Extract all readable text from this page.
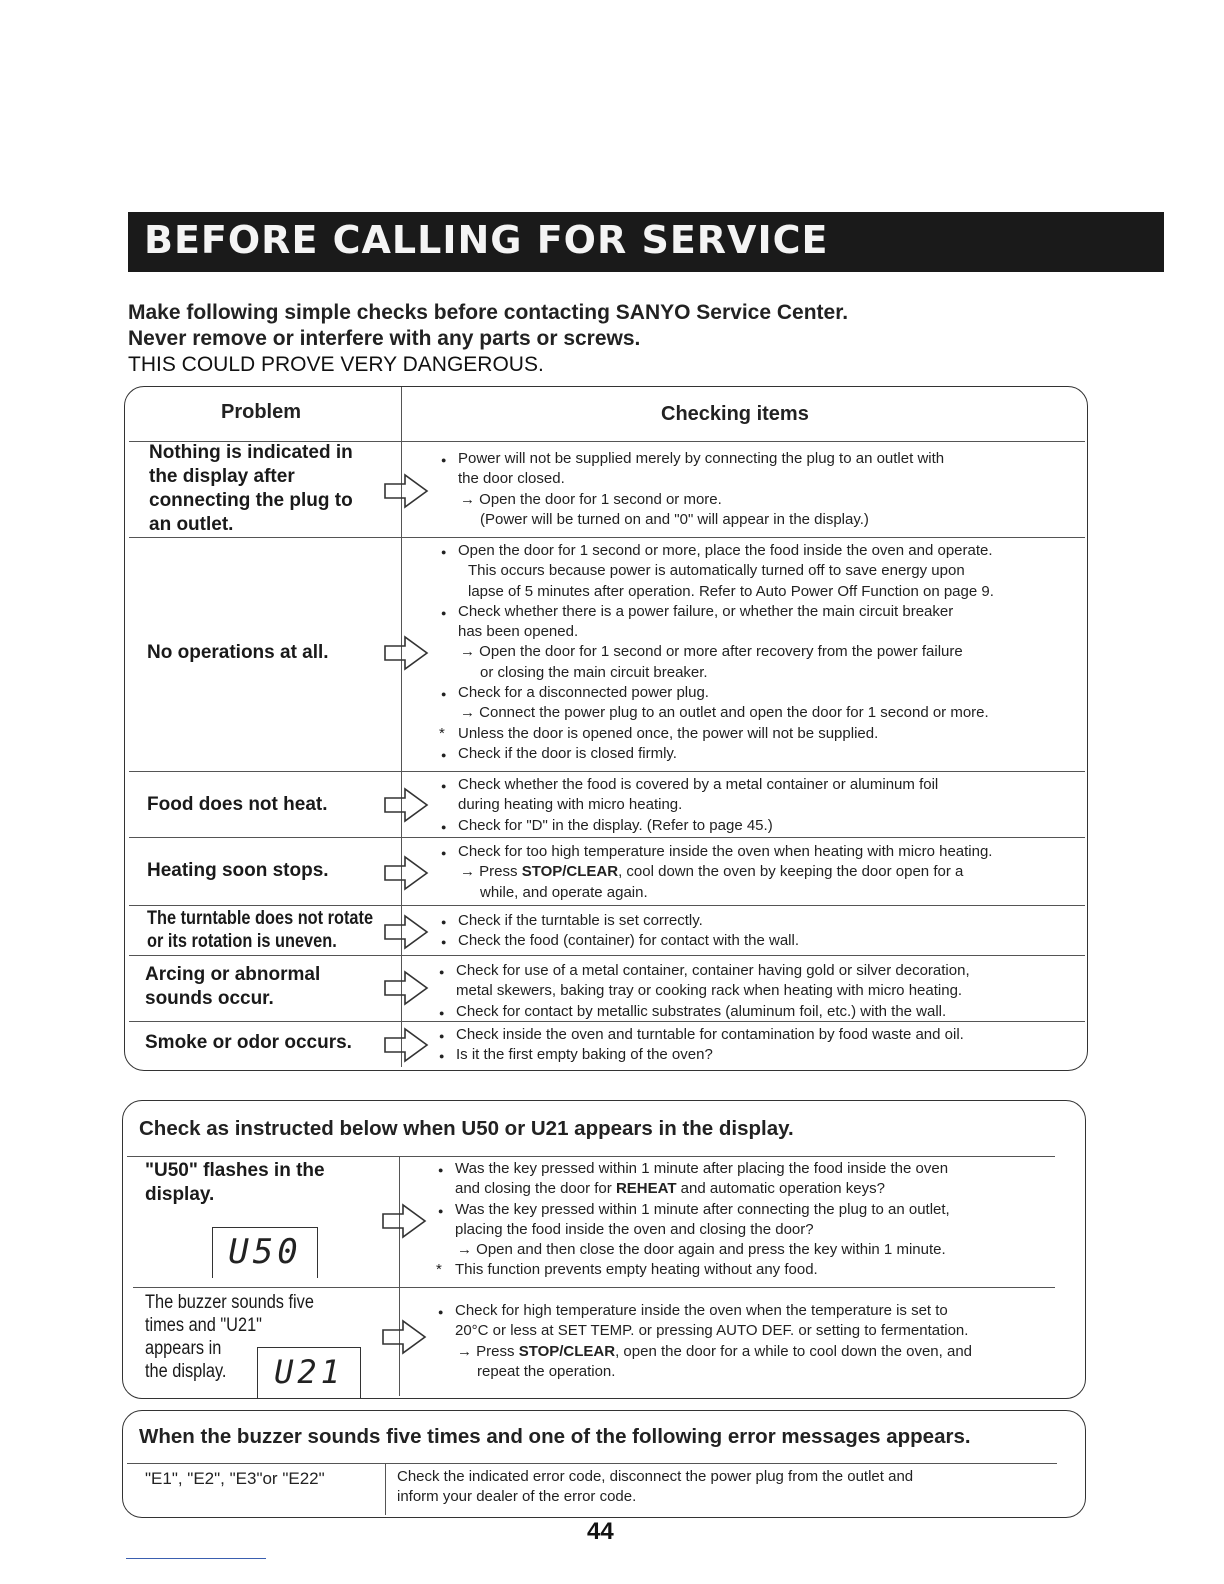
BEFORE CALLING FOR SERVICE
Make following simple checks before contacting SANYO Service Center.
Never remove or interfere with any parts or screws.
THIS COULD PROVE VERY DANGEROUS.
Problem	Checking items
Nothing is indicated in
the display after
connecting the plug to
an outlet.
● Power will not be supplied merely by connecting the plug to an outlet with
the door closed.
→ Open the door for 1 second or more.
(Power will be turned on and "0" will appear in the display.)
No operations at all.
● Open the door for 1 second or more, place the food inside the oven and operate.
This occurs because power is automatically turned off to save energy upon
lapse of 5 minutes after operation. Refer to Auto Power Off Function on page 9.
● Check whether there is a power failure, or whether the main circuit breaker
has been opened.
→ Open the door for 1 second or more after recovery from the power failure
or closing the main circuit breaker.
● Check for a disconnected power plug.
→ Connect the power plug to an outlet and open the door for 1 second or more.
* Unless the door is opened once, the power will not be supplied.
● Check if the door is closed firmly.
Food does not heat.
● Check whether the food is covered by a metal container or aluminum foil
during heating with micro heating.
● Check for "D" in the display. (Refer to page 45.)
Heating soon stops.
● Check for too high temperature inside the oven when heating with micro heating.
→ Press STOP/CLEAR, cool down the oven by keeping the door open for a
while, and operate again.
The turntable does not rotate
or its rotation is uneven.
● Check if the turntable is set correctly.
● Check the food (container) for contact with the wall.
Arcing or abnormal
sounds occur.
● Check for use of a metal container, container having gold or silver decoration,
metal skewers, baking tray or cooking rack when heating with micro heating.
● Check for contact by metallic substrates (aluminum foil, etc.) with the wall.
Smoke or odor occurs.
●	Check inside the oven and turntable for contamination by food waste and oil.
● Is it the first empty baking of the oven?
Check as instructed below when U50 or U21 appears in the display.
"U50" flashes in the
display.
U50
● Was the key pressed within 1 minute after placing the food inside the oven
and closing the door for REHEAT and automatic operation keys?
● Was the key pressed within 1 minute after connecting the plug to an outlet,
placing the food inside the oven and closing the door?
→ Open and then close the door again and press the key within 1 minute.
* This function prevents empty heating without any food.
The buzzer sounds five
times and "U21"
appears in
the display.	U21
● Check for high temperature inside the oven when the temperature is set to
20°C or less at SET TEMP. or pressing AUTO DEF. or setting to fermentation.
→ Press STOP/CLEAR, open the door for a while to cool down the oven, and
repeat the operation.
When the buzzer sounds five times and one of the following error messages appears.
"E1", "E2", "E3"or "E22"	Check the indicated error code, disconnect the power plug from the outlet and
inform your dealer of the error code.
44
